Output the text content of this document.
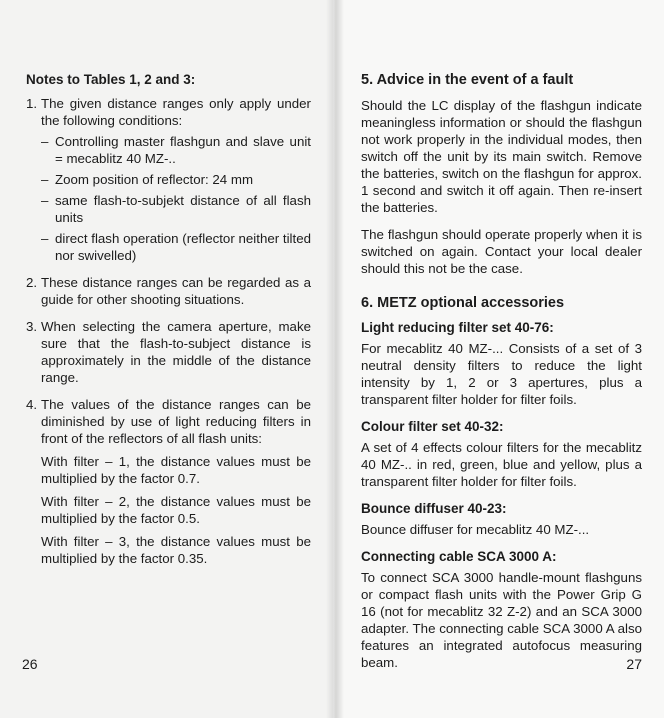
Notes to Tables 1, 2 and 3:
1. The given distance ranges only apply under the following conditions:
– Controlling master flashgun and slave unit = mecablitz 40 MZ-..
– Zoom position of reflector: 24 mm
– same flash-to-subjekt distance of all flash units
– direct flash operation (reflector neither tilted nor swivelled)
2. These distance ranges can be regarded as a guide for other shooting situations.
3. When selecting the camera aperture, make sure that the flash-to-subject distance is approximately in the middle of the distance range.
4. The values of the distance ranges can be diminished by use of light reducing filters in front of the reflectors of all flash units:

With filter – 1, the distance values must be multiplied by the factor 0.7.

With filter – 2, the distance values must be multiplied by the factor 0.5.

With filter – 3, the distance values must be multiplied by the factor 0.35.

26
5. Advice in the event of a fault

Should the LC display of the flashgun indicate meaningless information or should the flashgun not work properly in the individual modes, then switch off the unit by its main switch. Remove the batteries, switch on the flashgun for approx. 1 second and switch it off again. Then re-insert the batteries.

The flashgun should operate properly when it is switched on again. Contact your local dealer should this not be the case.

6. METZ optional accessories
Light reducing filter set 40-76:
For mecablitz 40 MZ-... Consists of a set of 3 neutral density filters to reduce the light intensity by 1, 2 or 3 apertures, plus a transparent filter holder for filter foils.
Colour filter set 40-32:
A set of 4 effects colour filters for the mecablitz 40 MZ-.. in red, green, blue and yellow, plus a transparent filter holder for filter foils.
Bounce diffuser 40-23:
Bounce diffuser for mecablitz 40 MZ-...
Connecting cable SCA 3000 A:
To connect SCA 3000 handle-mount flashguns or compact flash units with the Power Grip G 16 (not for mecablitz 32 Z-2) and an SCA 3000 adapter. The connecting cable SCA 3000 A also features an integrated autofocus measuring beam.	27
